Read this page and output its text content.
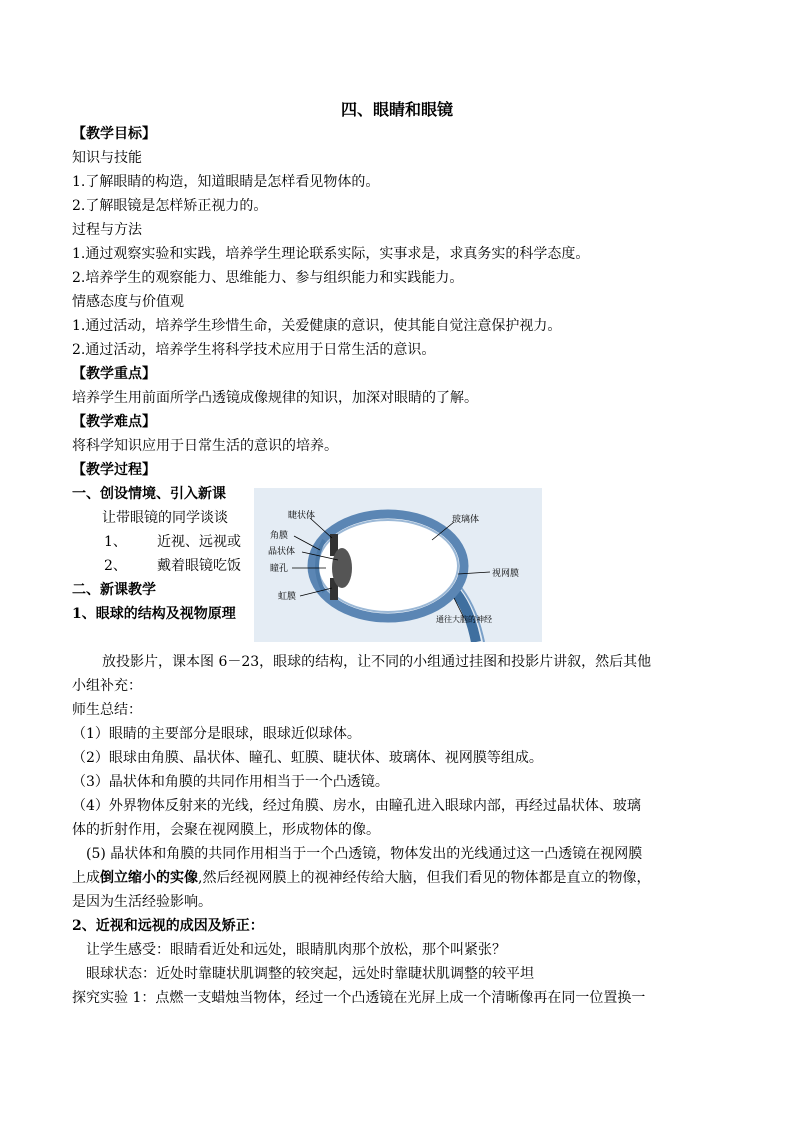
四、眼睛和眼镜
【教学目标】
知识与技能
1.了解眼睛的构造，知道眼睛是怎样看见物体的。
2.了解眼镜是怎样矫正视力的。
过程与方法
1.通过观察实验和实践，培养学生理论联系实际，实事求是，求真务实的科学态度。
2.培养学生的观察能力、思维能力、参与组织能力和实践能力。
情感态度与价值观
1.通过活动，培养学生珍惜生命，关爱健康的意识，使其能自觉注意保护视力。
2.通过活动，培养学生将科学技术应用于日常生活的意识。
【教学重点】
培养学生用前面所学凸透镜成像规律的知识，加深对眼睛的了解。
【教学难点】
将科学知识应用于日常生活的意识的培养。
【教学过程】
一、创设情境、引入新课
让带眼镜的同学谈谈
1、 近视、远视或
2、 戴着眼镜吃饭
二、新课教学
1、眼球的结构及视物原理
睫状体
角膜
晶状体
瞳孔
虹膜
玻璃体
视网膜
通往大脑的神经
放投影片，课本图 6－23，眼球的结构，让不同的小组通过挂图和投影片讲叙，然后其他
小组补充：
师生总结：
（1）眼睛的主要部分是眼球，眼球近似球体。
（2）眼球由角膜、晶状体、瞳孔、虹膜、睫状体、玻璃体、视网膜等组成。
（3）晶状体和角膜的共同作用相当于一个凸透镜。
（4）外界物体反射来的光线，经过角膜、房水，由瞳孔进入眼球内部，再经过晶状体、玻璃
体的折射作用，会聚在视网膜上，形成物体的像。
(5) 晶状体和角膜的共同作用相当于一个凸透镜，物体发出的光线通过这一凸透镜在视网膜
上成倒立缩小的实像,然后经视网膜上的视神经传给大脑，但我们看见的物体都是直立的物像，
是因为生活经验影响。
2、近视和远视的成因及矫正：
让学生感受：眼睛看近处和远处，眼睛肌肉那个放松，那个叫紧张？
眼球状态：近处时靠睫状肌调整的较突起，远处时靠睫状肌调整的较平坦
探究实验 1：点燃一支蜡烛当物体，经过一个凸透镜在光屏上成一个清晰像再在同一位置换一
